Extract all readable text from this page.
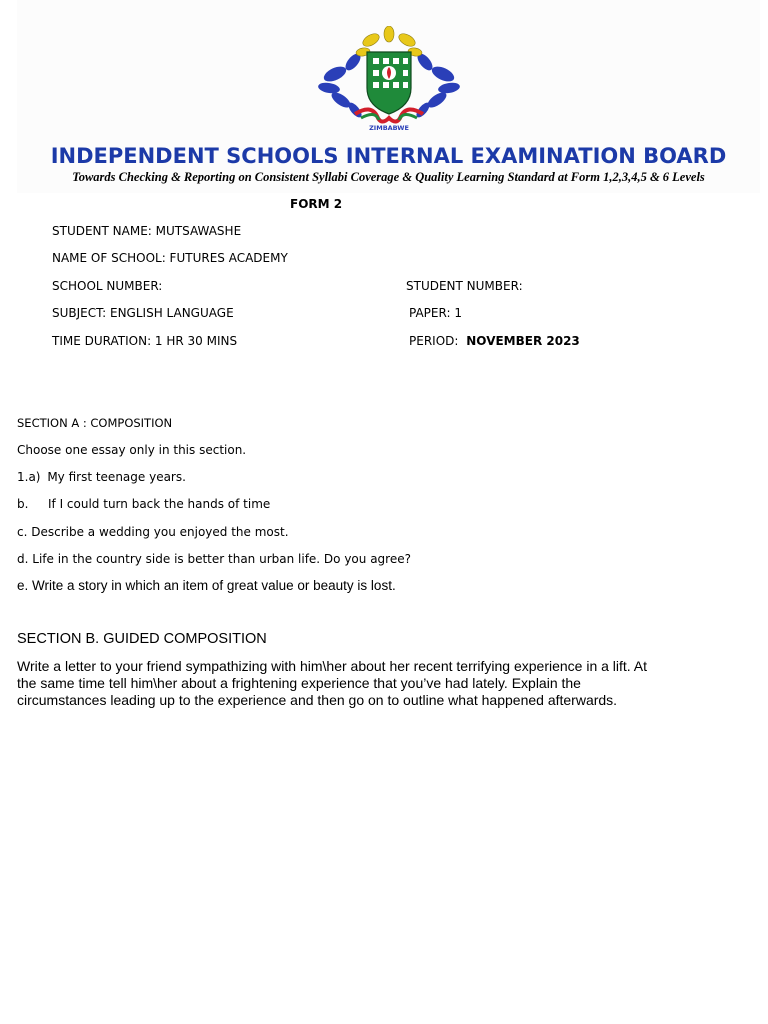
ZIMBABWE
INDEPENDENT SCHOOLS INTERNAL EXAMINATION BOARD
Towards Checking & Reporting on Consistent Syllabi Coverage & Quality Learning Standard at Form 1,2,3,4,5 & 6 Levels
FORM 2
STUDENT NAME: MUTSAWASHE
NAME OF SCHOOL: FUTURES ACADEMY
SCHOOL NUMBER:	STUDENT NUMBER:
SUBJECT: ENGLISH LANGUAGE	PAPER: 1
TIME DURATION: 1 HR 30 MINS	PERIOD: NOVEMBER 2023
SECTION A : COMPOSITION
Choose one essay only in this section.
1.a) My first teenage years.
b. If I could turn back the hands of time
c. Describe a wedding you enjoyed the most.
d. Life in the country side is better than urban life. Do you agree?
e. Write a story in which an item of great value or beauty is lost.
SECTION B. GUIDED COMPOSITION
Write a letter to your friend sympathizing with him\her about her recent terrifying experience in a lift. At the same time tell him\her about a frightening experience that you’ve had lately. Explain the circumstances leading up to the experience and then go on to outline what happened afterwards.
